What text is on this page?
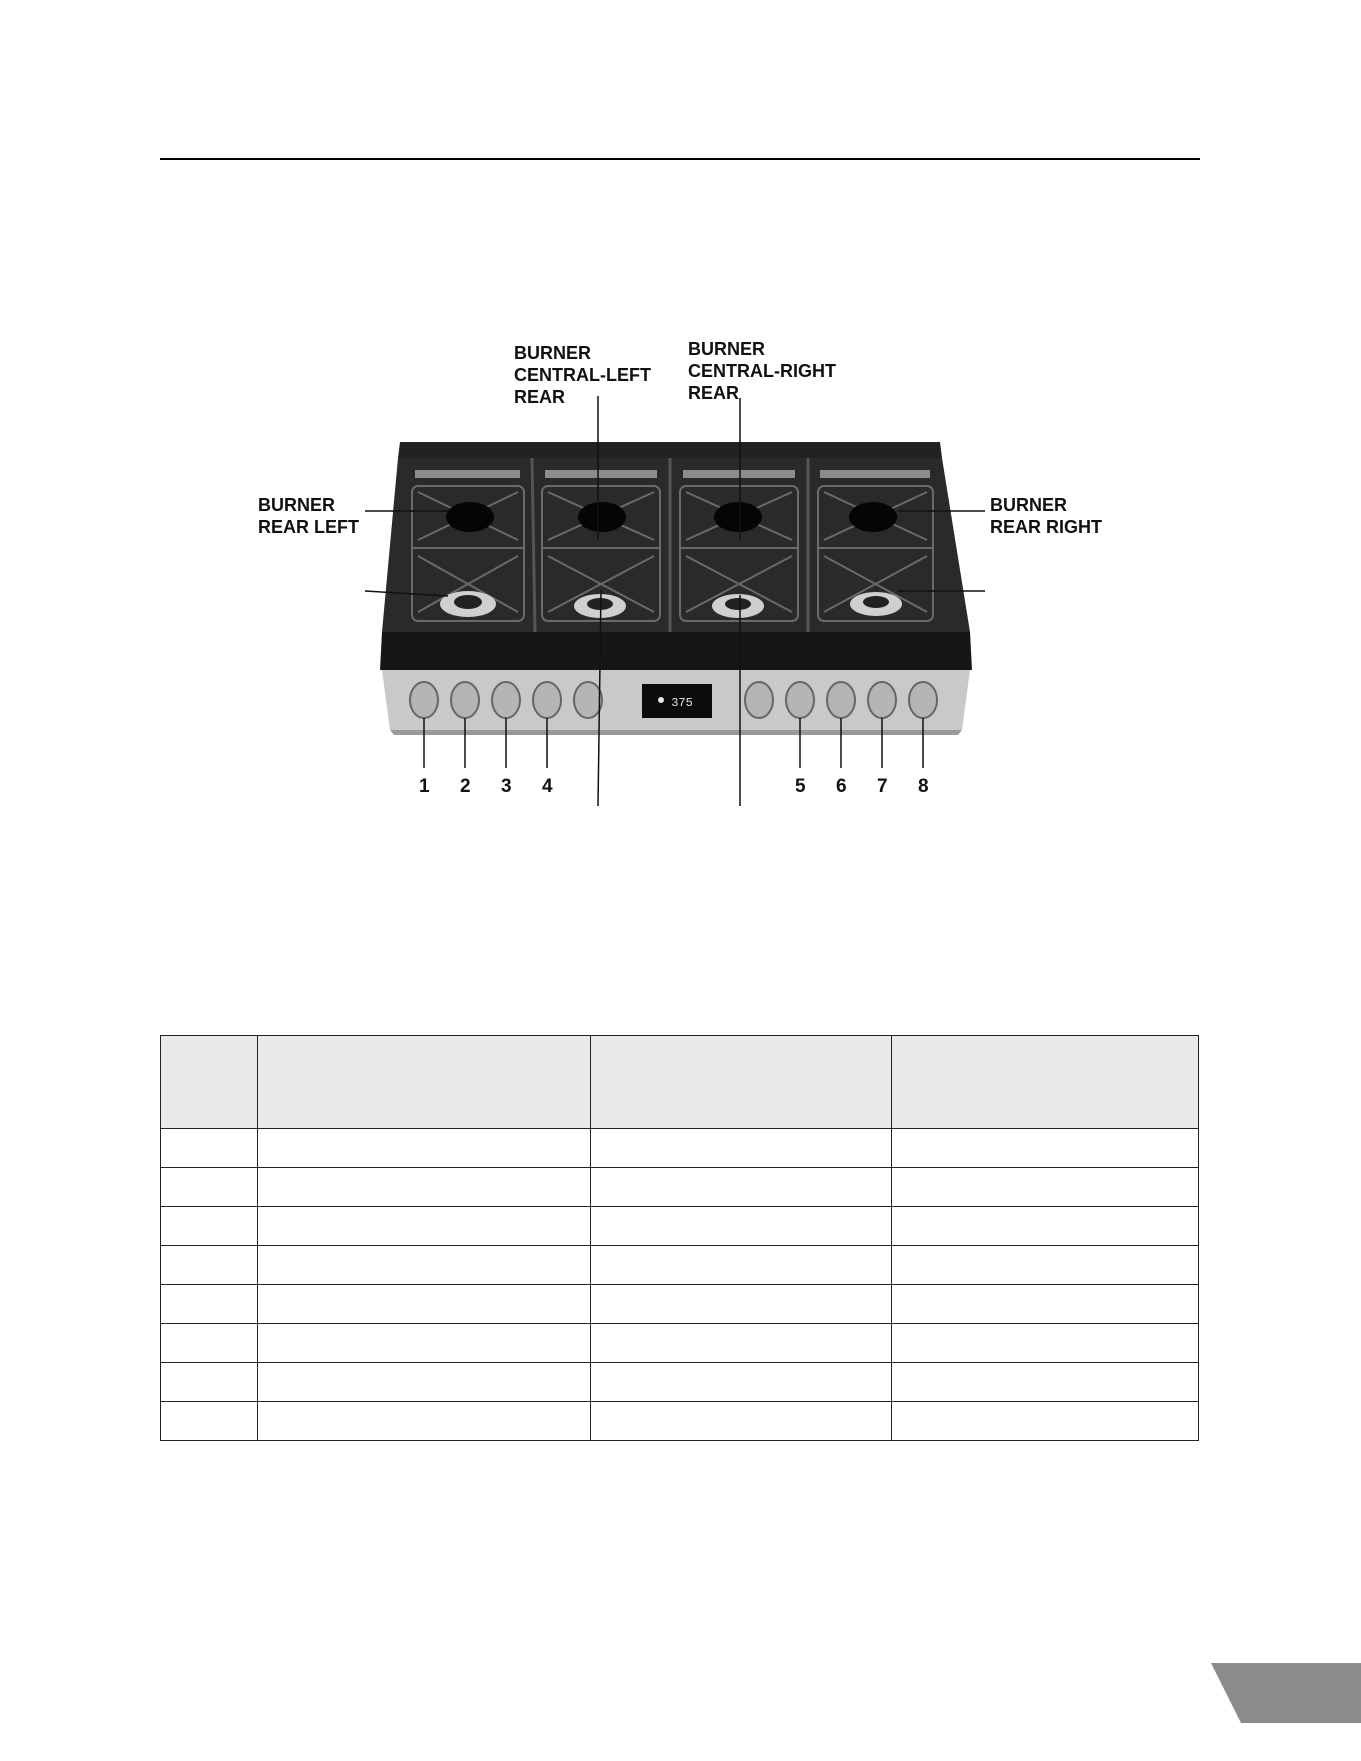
375
BURNER
CENTRAL-LEFT
REAR
BURNER
CENTRAL-RIGHT
REAR
BURNER
REAR LEFT
BURNER
REAR RIGHT
1 2 3 4	5 6 7 8
